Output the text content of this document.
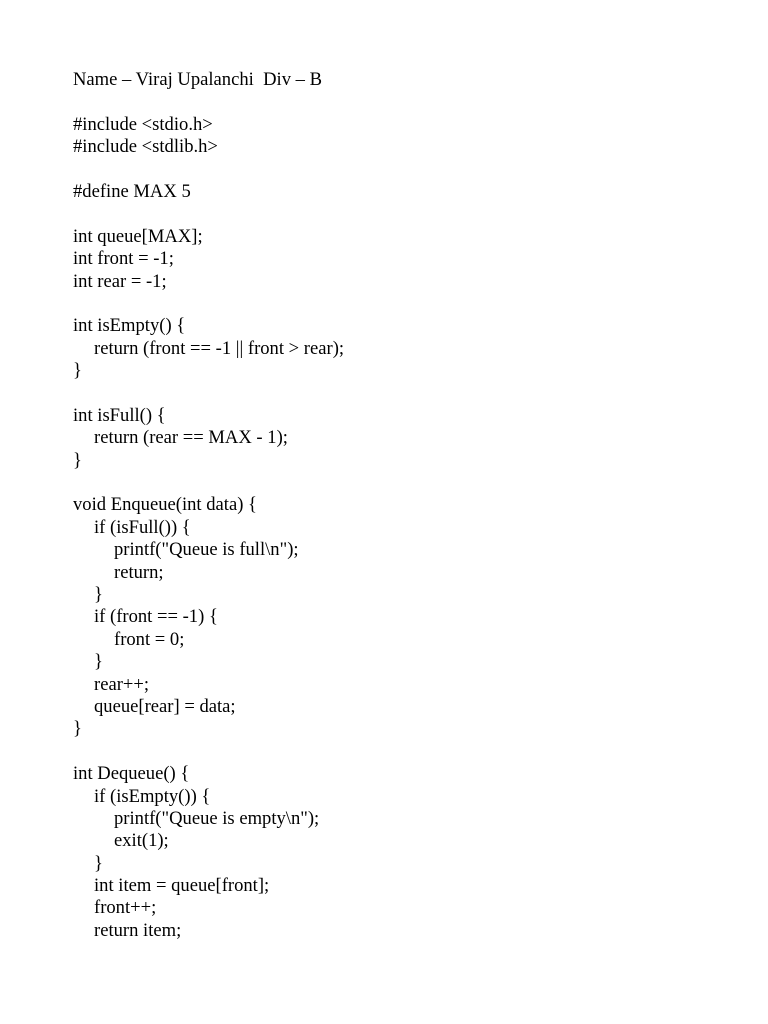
Name – Viraj Upalanchi  Div – B
#include <stdio.h>
#include <stdlib.h>
#define MAX 5
int queue[MAX];
int front = -1;
int rear = -1;
int isEmpty() {
return (front == -1 || front > rear);
}
int isFull() {
return (rear == MAX - 1);
}
void Enqueue(int data) {
if (isFull()) {
printf("Queue is full\n");
return;
}
if (front == -1) {
front = 0;
}
rear++;
queue[rear] = data;
}
int Dequeue() {
if (isEmpty()) {
printf("Queue is empty\n");
exit(1);
}
int item = queue[front];
front++;
return item;
